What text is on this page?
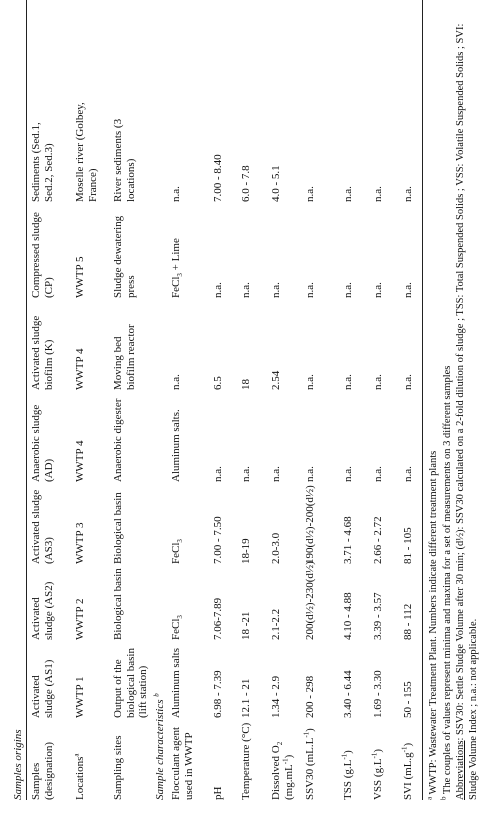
Samples origins Samples (designation)
Activated sludge (AS1)
Activated sludge (AS2)
Activated sludge (AS3)
Anaerobic sludge (AD)
Activated sludge biofilm (K)
Compressed sludge (CP)
Sediments (Sed.1, Sed.2, Sed.3)
Locations$^a$
WWTP 1
WWTP 2
WWTP 3
WWTP 4
WWTP 4
WWTP 5
Moselle river (Golbey, France)
Sampling sites
Output of the biological basin (lift station)
Biological basin
Biological basin
Anaerobic digester
Moving bed biofilm reactor
Sludge dewatering press
River sediments (3 locations)
Sample characteristics $^b$
Flocculant agent used in WWTP
Aluminum salts
FeCl$_3$
FeCl$_3$
Aluminum salts.
n.a.
FeCl$_3$ + Lime
n.a.
pH
6.98 - 7.39
7.06-7.89
7.00 - 7.50
n.a.
6.5
n.a.
7.00 - 8.40
Temperature (°C)
12.1 - 21
18 -21
18-19
n.a.
18
n.a.
6.0 - 7.8
Dissolved $O_2$
$(mg.mL^{-1})$
1.34 - 2.9
2.1-2.2
2.0-3.0
n.a.
2.54
n.a.
4.0 - 5.1
SSV30 $(mL.L^{-1})$
200 - 298
200(d½)-230(d½)
190(d½)-200(d½)
n.a.
n.a.
n.a.
n.a.
TSS $(g.L^{-1})$
3.40 - 6.44
4.10 - 4.88
3.71 - 4.68
n.a.
n.a.
n.a.
n.a.
VSS $(g.L^{-1})$
1.69 - 3.30
3.39 - 3.57
2.66 - 2.72
n.a.
n.a.
n.a.
n.a.
SVI $(mL.g^{-1})$
50 - 155
88 - 112
81 - 105
n.a.
n.a.
n.a.
n.a.
$^a$ WWTP: Wastewater Treatment Plant. Numbers indicate different treatment plants
$^b$ The couples of values represent minima and maxima for a set of measurements on 3 different samples Abbreviations: SSV30: Settle Sludge Volume after 30 min; (d½): SSV30 calculated on a 2-fold dilution of sludge ; TSS: Total Suspended Solids ; VSS: Volatile Suspended Solids ; SVI: Sludge Volume Index ; n.a.: not applicable.
